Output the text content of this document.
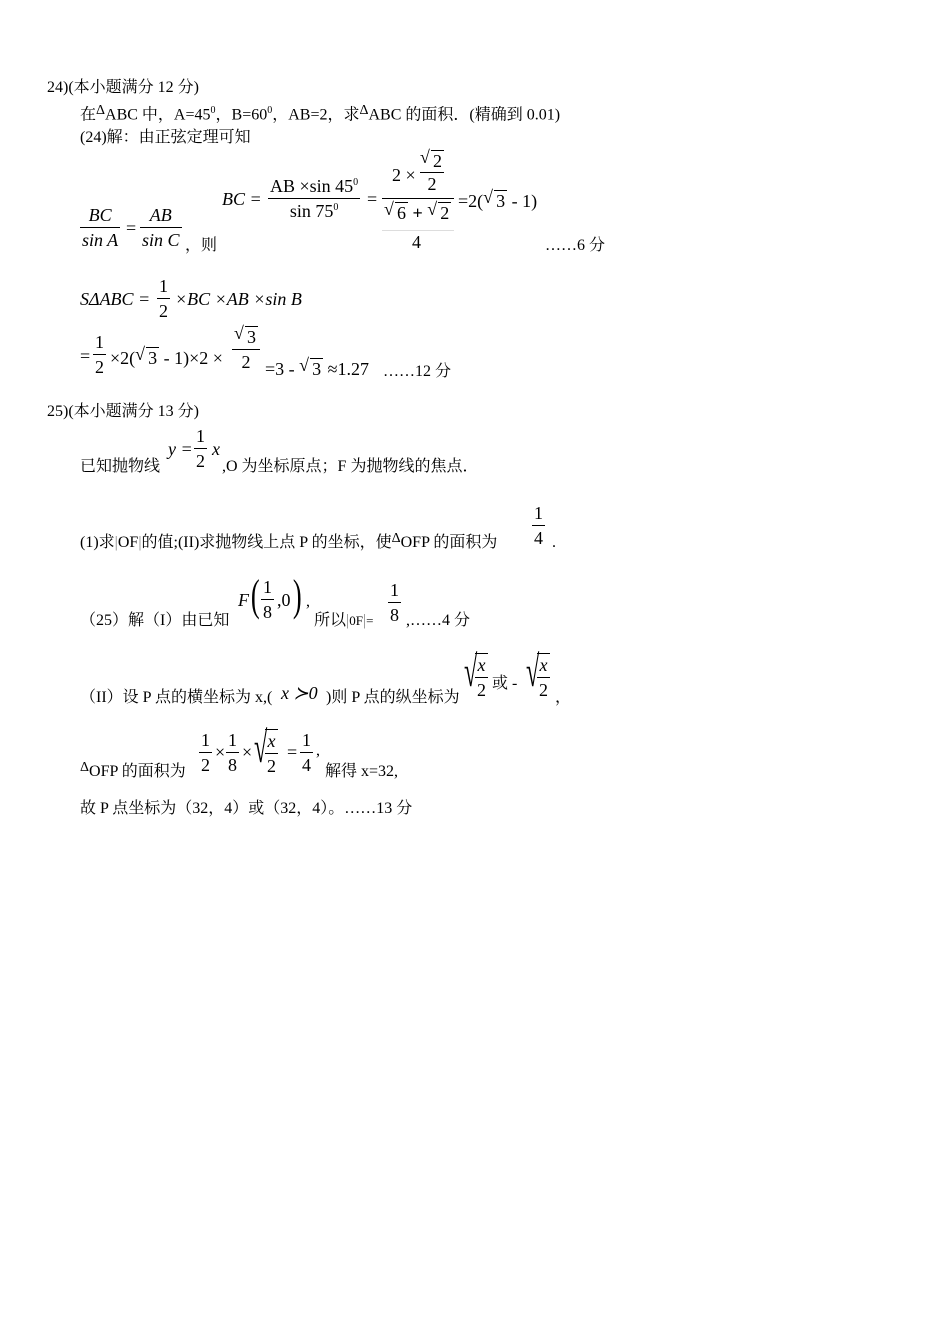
24)(本小题满分 12 分)
在ΔABC 中，$A=45^0$，$B=60^0$，AB=2，求ΔABC 的面积．(精确到 0.01)
(24)解：由正弦定理可知
BC
sin A
=
AB
sin C ，则
BC =
AB ×sin $45^0$
$\sin 75^0$	=
2 ×
√ 2
2
√ 6 + √ 2
4
=2( √ 3 - 1)
……6 分
SΔABC =
1
2
×BC ×AB ×sin B
=
1
2 ×2( √ 3 - 1)×2 ×
√ 3
2 =3 - √ 3 ≈1.27 ……12 分
25)(本小题满分 13 分)
已知抛物线
y =
1
2
x
,O 为坐标原点；F 为抛物线的焦点．
(1)求|OF|的值;(II)求抛物线上点 P 的坐标，使ΔOFP 的面积为
1
4 .
（25）解（I）由已知
F ( 1
8
,0 ) ,
所以|0F|=
1
8 ,……4 分
（II）设 P 点的横坐标为 x,( x ≻0 )则 P 点的纵坐标为
√ x
2 或 - √ x
2 ，
ΔOFP 的面积为
1
2
×
1
8
× √ x
2
=
1
4
,
解得 x=32,
故 P 点坐标为（32，4）或（32，4）。……13 分
